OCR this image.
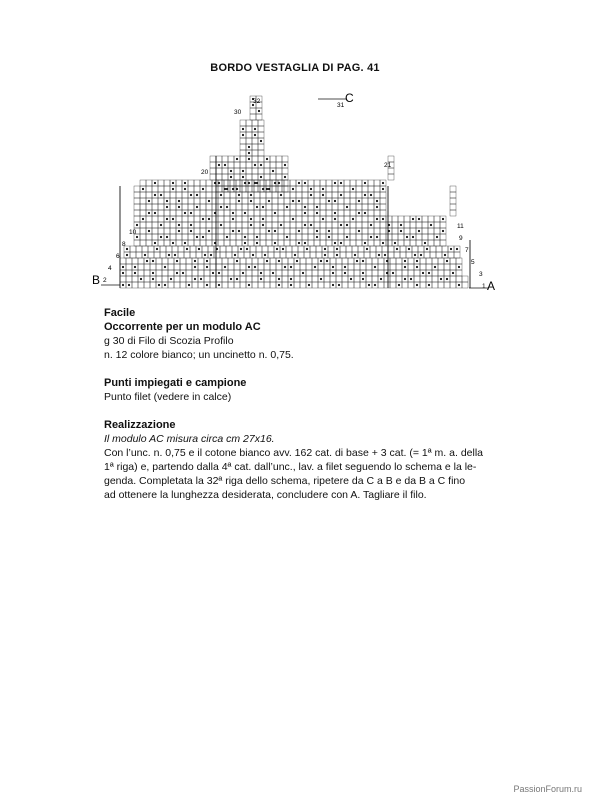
BORDO VESTAGLIA DI PAG. 41
32
30
20
10
8
6
4
2
31
21
11
9
7
5
3
1
C
B	A
Facile
Occorrente per un modulo AC
g 30 di Filo di Scozia Profilo
n. 12 colore bianco; un uncinetto n. 0,75.
Punti impiegati e campione
Punto filet (vedere in calce)
Realizzazione
Il modulo AC misura circa cm 27x16.
Con l’unc. n. 0,75 e il cotone bianco avv. 162 cat. di base + 3 cat. (= 1ª m. a. della
1ª riga) e, partendo dalla 4ª cat. dall’unc., lav. a filet seguendo lo schema e la le-
genda. Completata la 32ª riga dello schema, ripetere da C a B e da B a C fino
ad ottenere la lunghezza desiderata, concludere con A. Tagliare il filo.
PassionForum.ru
